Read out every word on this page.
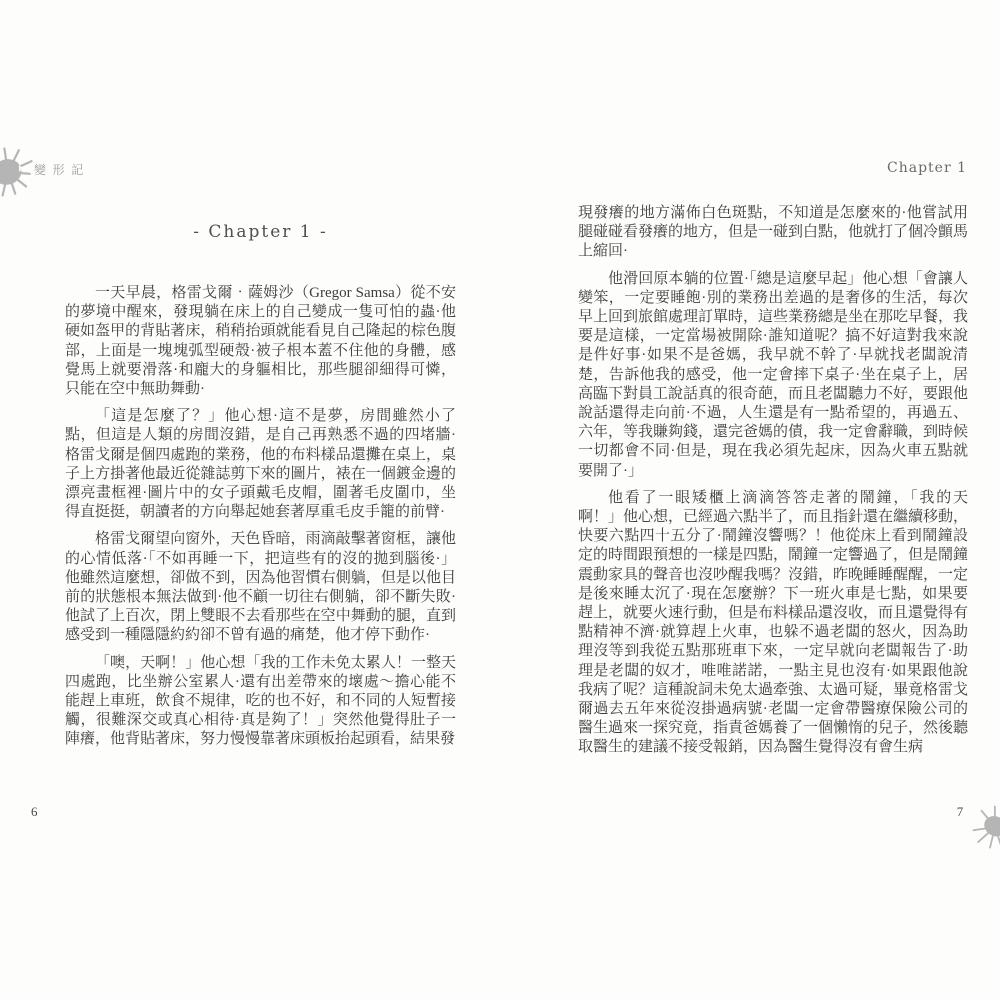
變形記	Chapter 1
- Chapter 1 -

一天早晨，格雷戈爾‧薩姆沙（Gregor Samsa）從不安的夢境中醒來，發現躺在床上的自己變成一隻可怕的蟲·他硬如盔甲的背貼著床，稍稍抬頭就能看見自己隆起的棕色腹部，上面是一塊塊弧型硬殼·被子根本蓋不住他的身體，感覺馬上就要滑落·和龐大的身軀相比，那些腿卻細得可憐，只能在空中無助舞動·

「這是怎麼了？」他心想·這不是夢，房間雖然小了點，但這是人類的房間沒錯，是自己再熟悉不過的四堵牆·格雷戈爾是個四處跑的業務，他的布料樣品還攤在桌上，桌子上方掛著他最近從雜誌剪下來的圖片，裱在一個鍍金邊的漂亮畫框裡·圖片中的女子頭戴毛皮帽，圍著毛皮圍巾，坐得直挺挺，朝讀者的方向舉起她套著厚重毛皮手籠的前臂·

格雷戈爾望向窗外，天色昏暗，雨滴敲擊著窗框，讓他的心情低落·「不如再睡一下，把這些有的沒的拋到腦後·」他雖然這麼想，卻做不到，因為他習慣右側躺，但是以他目前的狀態根本無法做到·他不顧一切往右側躺，卻不斷失敗·他試了上百次，閉上雙眼不去看那些在空中舞動的腿，直到感受到一種隱隱約約卻不曾有過的痛楚，他才停下動作·

「噢，天啊！」他心想「我的工作未免太累人！一整天四處跑，比坐辦公室累人·還有出差帶來的壞處～擔心能不能趕上車班，飲食不規律，吃的也不好，和不同的人短暫接觸，很難深交或真心相待·真是夠了！」突然他覺得肚子一陣癢，他背貼著床，努力慢慢靠著床頭板抬起頭看，結果發

現發癢的地方滿佈白色斑點，不知道是怎麼來的·他嘗試用腿碰碰看發癢的地方，但是一碰到白點，他就打了個冷顫馬上縮回·

他滑回原本躺的位置·「總是這麼早起」他心想「會讓人變笨，一定要睡飽·別的業務出差過的是奢侈的生活，每次早上回到旅館處理訂單時，這些業務總是坐在那吃早餐，我要是這樣，一定當場被開除·誰知道呢？搞不好這對我來說是件好事·如果不是爸媽，我早就不幹了·早就找老闆說清楚，告訴他我的感受，他一定會摔下桌子·坐在桌子上，居高臨下對員工說話真的很奇葩，而且老闆聽力不好，要跟他說話還得走向前·不過，人生還是有一點希望的，再過五、六年，等我賺夠錢，還完爸媽的債，我一定會辭職，到時候一切都會不同·但是，現在我必須先起床，因為火車五點就要開了·」

他看了一眼矮櫃上滴滴答答走著的鬧鐘，「我的天啊！」他心想，已經過六點半了，而且指針還在繼續移動，快要六點四十五分了·鬧鐘沒響嗎？！他從床上看到鬧鐘設定的時間跟預想的一樣是四點，鬧鐘一定響過了，但是鬧鐘震動家具的聲音也沒吵醒我嗎？沒錯，昨晚睡睡醒醒，一定是後來睡太沉了·現在怎麼辦？下一班火車是七點，如果要趕上，就要火速行動，但是布料樣品還沒收，而且還覺得有點精神不濟·就算趕上火車，也躲不過老闆的怒火，因為助理沒等到我從五點那班車下來，一定早就向老闆報告了·助理是老闆的奴才，唯唯諾諾，一點主見也沒有·如果跟他說我病了呢？這種說詞未免太過牽強、太過可疑，畢竟格雷戈爾過去五年來從沒掛過病號·老闆一定會帶醫療保險公司的醫生過來一探究竟，指責爸媽養了一個懶惰的兒子，然後聽取醫生的建議不接受報銷，因為醫生覺得沒有會生病

6	7
